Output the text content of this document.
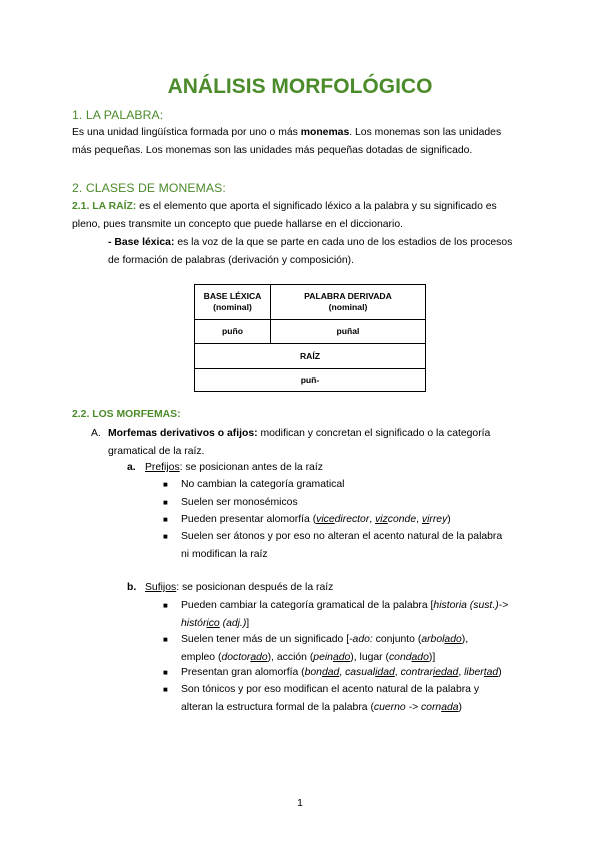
ANÁLISIS MORFOLÓGICO
1. LA PALABRA:
Es una unidad lingüística formada por uno o más monemas. Los monemas son las unidades
más pequeñas. Los monemas son las unidades más pequeñas dotadas de significado.
2. CLASES DE MONEMAS:
2.1. LA RAÍZ: es el elemento que aporta el significado léxico a la palabra y su significado es
pleno, pues transmite un concepto que puede hallarse en el diccionario.
- Base léxica: es la voz de la que se parte en cada uno de los estadios de los procesos
de formación de palabras (derivación y composición).
BASE LÉXICA
(nominal)	PALABRA DERIVADA
(nominal)
puño	puñal
RAÍZ	
puñ-	
2.2. LOS MORFEMAS:
A. Morfemas derivativos o afijos: modifican y concretan el significado o la categoría
gramatical de la raíz.
a. Prefijos: se posicionan antes de la raíz
■ No cambian la categoría gramatical
■ Suelen ser monosémicos
■ Pueden presentar alomorfía (vicedirector, vizconde, virrey)
■ Suelen ser átonos y por eso no alteran el acento natural de la palabra
ni modifican la raíz
b. Sufijos: se posicionan después de la raíz
■ Pueden cambiar la categoría gramatical de la palabra [historia (sust.)->
histórico (adj.)]
■ Suelen tener más de un significado [-ado: conjunto (arbolado),
empleo (doctorado), acción (peinado), lugar (condado)]
■ Presentan gran alomorfía (bondad, casualidad, contrariedad, libertad)
■ Son tónicos y por eso modifican el acento natural de la palabra y
alteran la estructura formal de la palabra (cuerno -> cornada)
1
